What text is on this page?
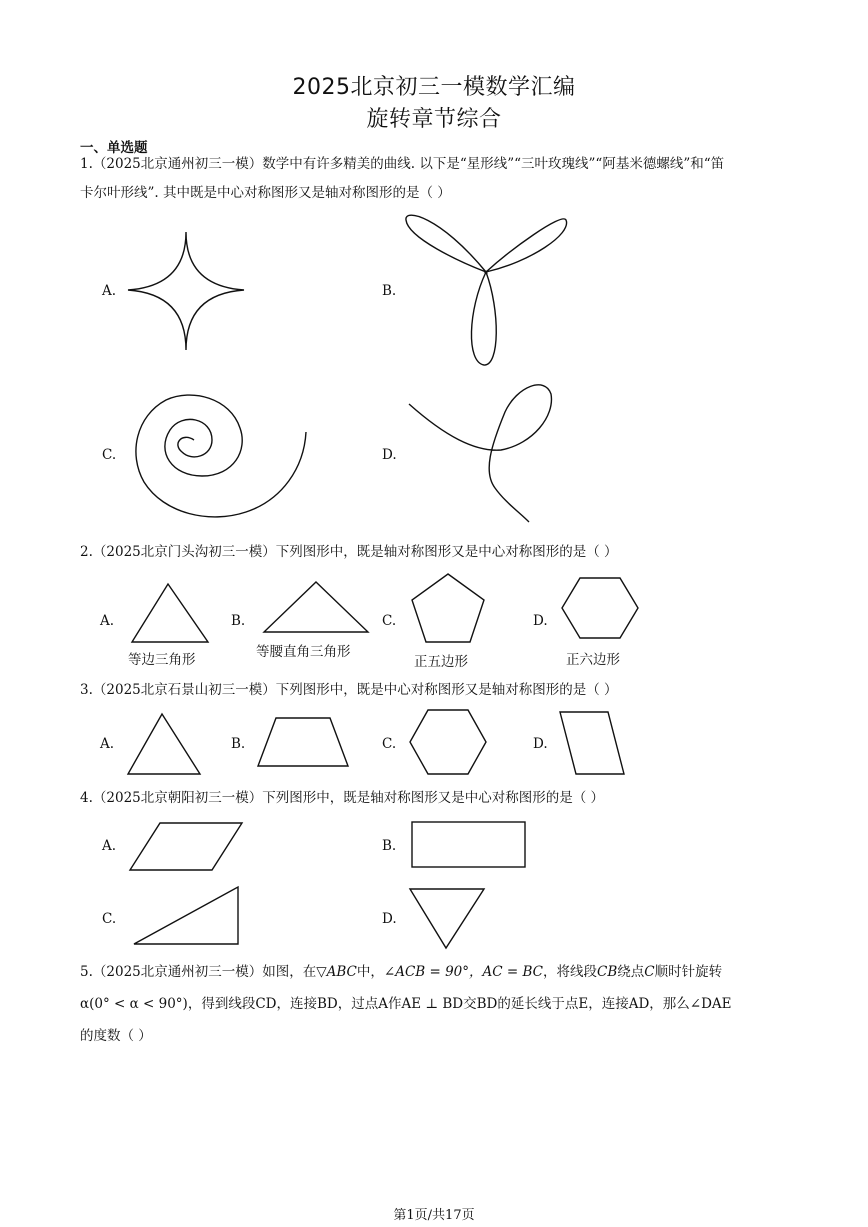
2025北京初三一模数学汇编
旋转章节综合
一、单选题
1.（2025北京通州初三一模）数学中有许多精美的曲线. 以下是“星形线”“三叶玫瑰线”“阿基米德螺线”和“笛
卡尔叶形线”. 其中既是中心对称图形又是轴对称图形的是（ ）
A.	B.
C.	D.
2.（2025北京门头沟初三一模）下列图形中，既是轴对称图形又是中心对称图形的是（ ）
A.
等边三角形
B.
等腰直角三角形
C.
正五边形
D.
正六边形
3.（2025北京石景山初三一模）下列图形中，既是中心对称图形又是轴对称图形的是（ ）
A.	B.	C.	D.
4.（2025北京朝阳初三一模）下列图形中，既是轴对称图形又是中心对称图形的是（ ）
A.	B.
C.	D.
5.（2025北京通州初三一模）如图，在▽ABC中，∠ACB = 90°，AC = BC，将线段CB绕点C顺时针旋转
α(0° < α < 90°)，得到线段CD，连接BD，过点A作AE ⊥ BD交BD的延长线于点E，连接AD，那么∠DAE
的度数（ ）
第1页/共17页
